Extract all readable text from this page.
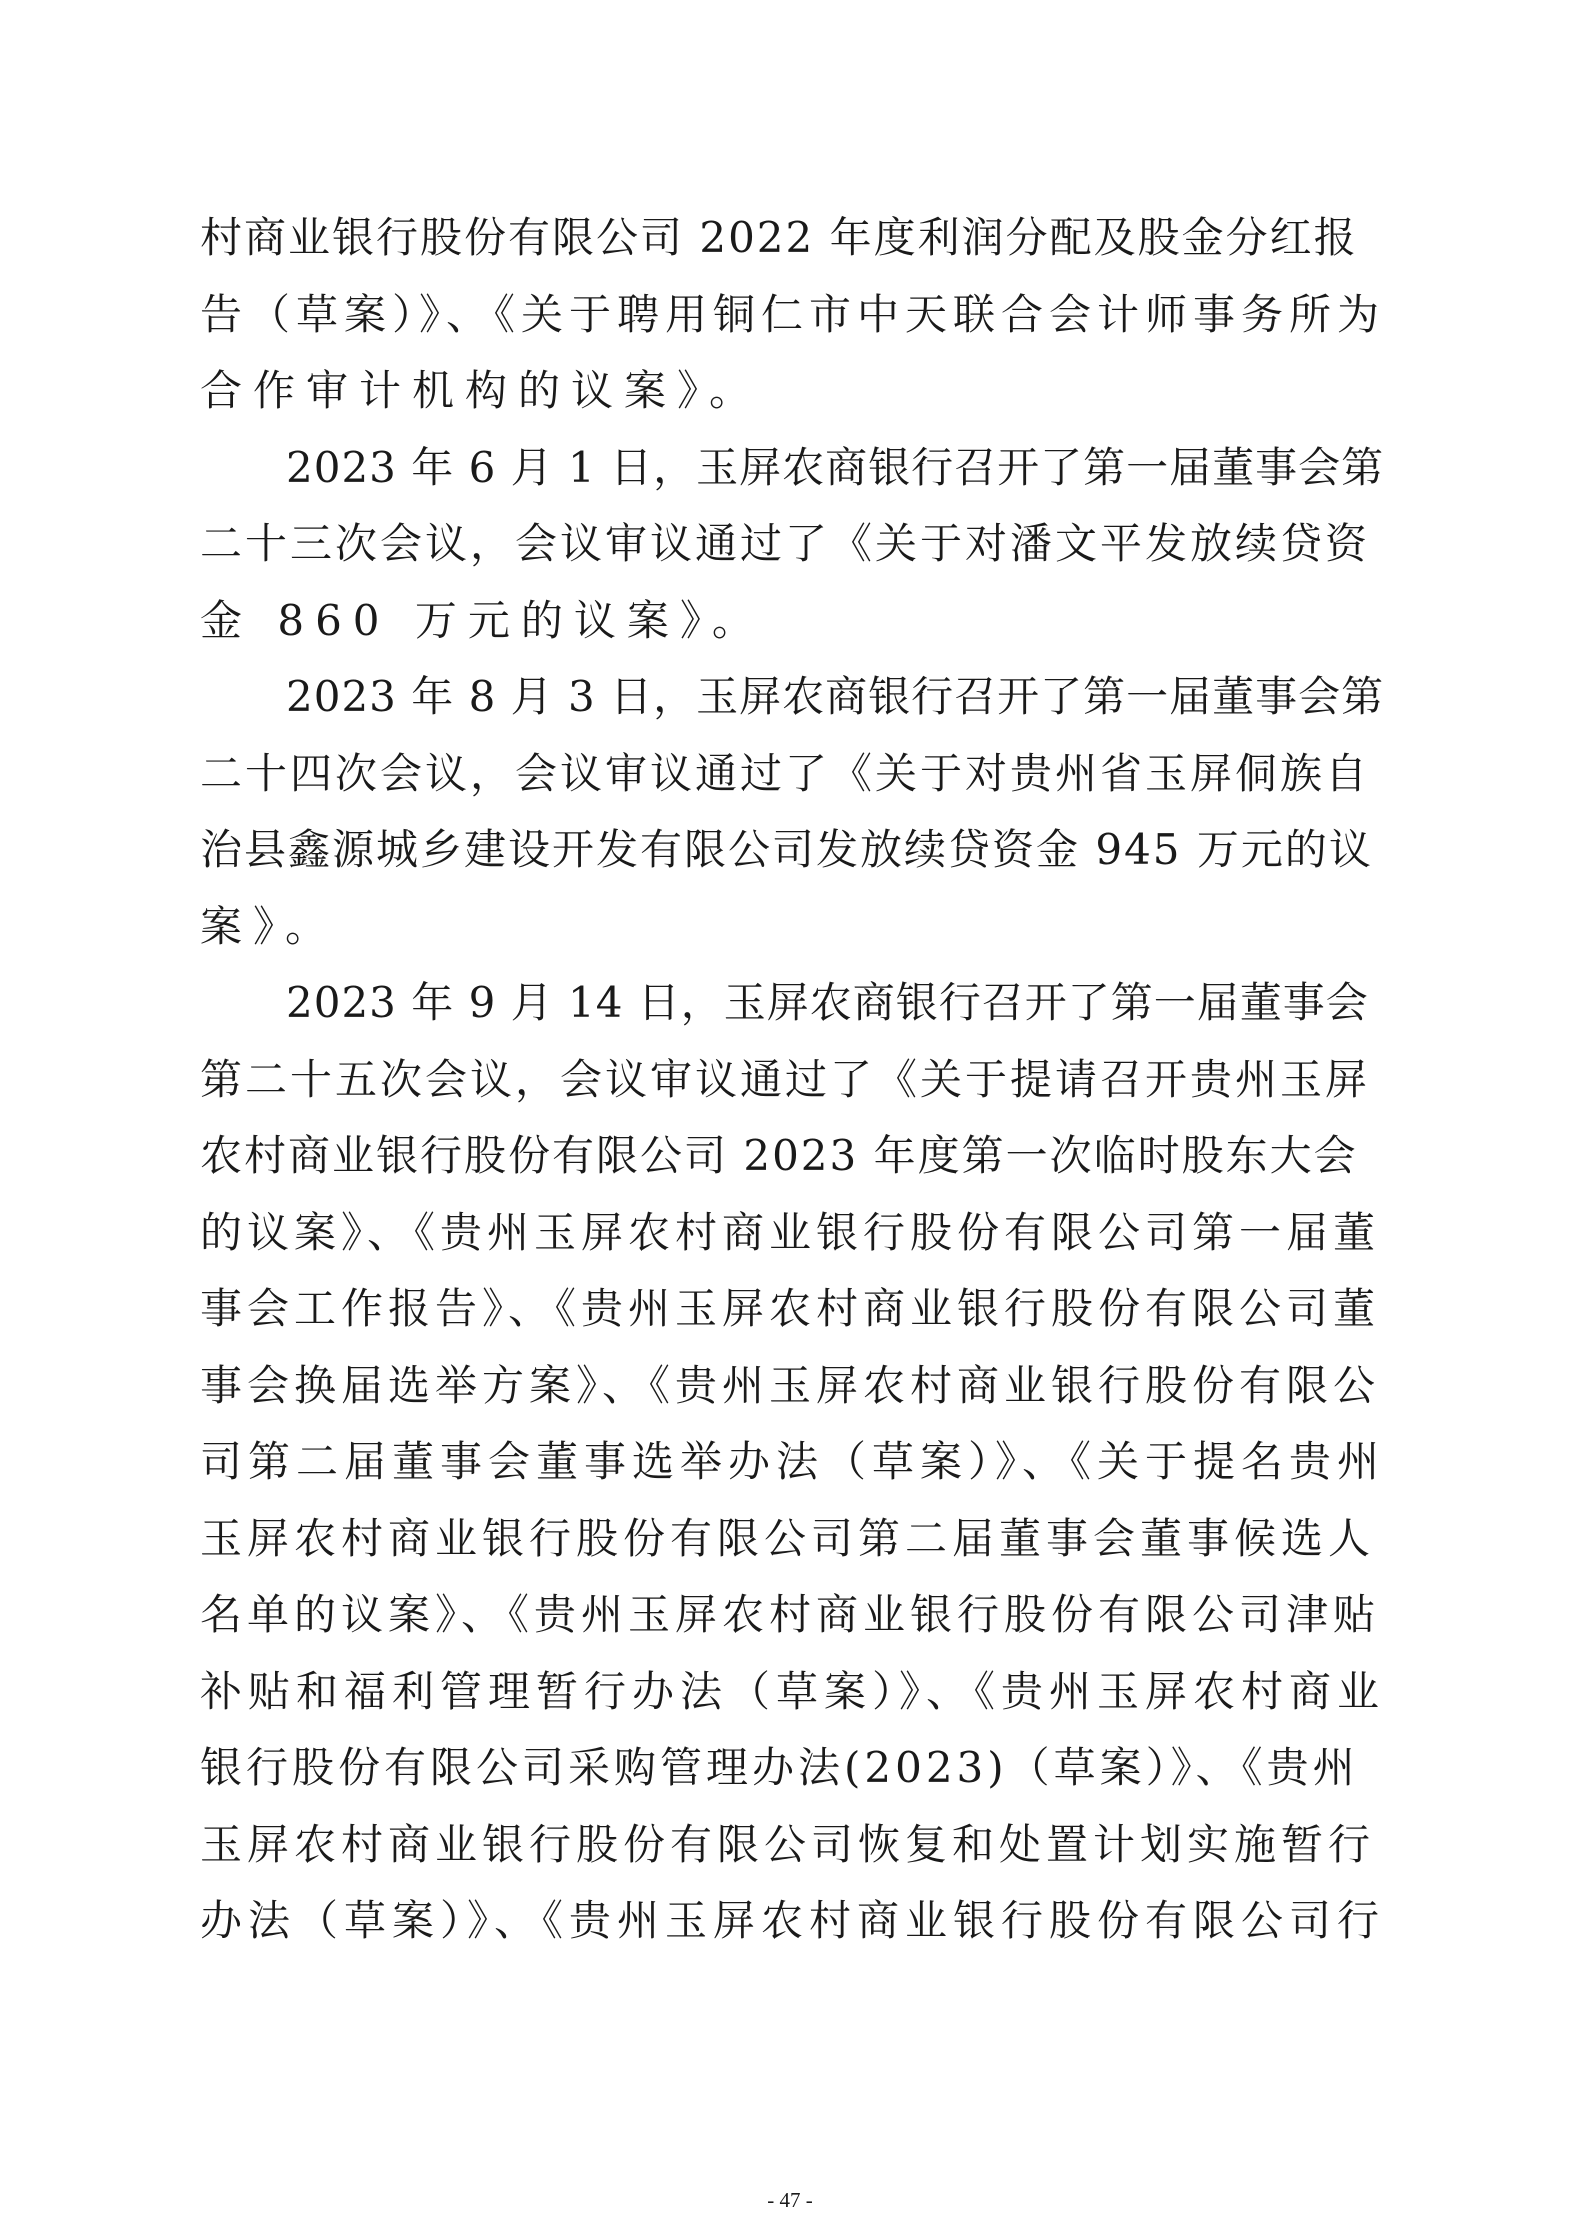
村商业银行股份有限公司 2022 年度利润分配及股金分红报
告（草案）》、《关于聘用铜仁市中天联合会计师事务所为
合作审计机构的议案》。
　　2023 年 6 月 1 日，玉屏农商银行召开了第一届董事会第
二十三次会议，会议审议通过了《关于对潘文平发放续贷资
金 860 万元的议案》。
　　2023 年 8 月 3 日，玉屏农商银行召开了第一届董事会第
二十四次会议，会议审议通过了《关于对贵州省玉屏侗族自
治县鑫源城乡建设开发有限公司发放续贷资金 945 万元的议
案》。
　　2023 年 9 月 14 日，玉屏农商银行召开了第一届董事会
第二十五次会议，会议审议通过了《关于提请召开贵州玉屏
农村商业银行股份有限公司 2023 年度第一次临时股东大会
的议案》、《贵州玉屏农村商业银行股份有限公司第一届董
事会工作报告》、《贵州玉屏农村商业银行股份有限公司董
事会换届选举方案》、《贵州玉屏农村商业银行股份有限公
司第二届董事会董事选举办法（草案）》、《关于提名贵州
玉屏农村商业银行股份有限公司第二届董事会董事候选人
名单的议案》、《贵州玉屏农村商业银行股份有限公司津贴
补贴和福利管理暂行办法（草案）》、《贵州玉屏农村商业
银行股份有限公司采购管理办法(2023)（草案）》、《贵州
玉屏农村商业银行股份有限公司恢复和处置计划实施暂行
办法（草案）》、《贵州玉屏农村商业银行股份有限公司行
- 47 -
